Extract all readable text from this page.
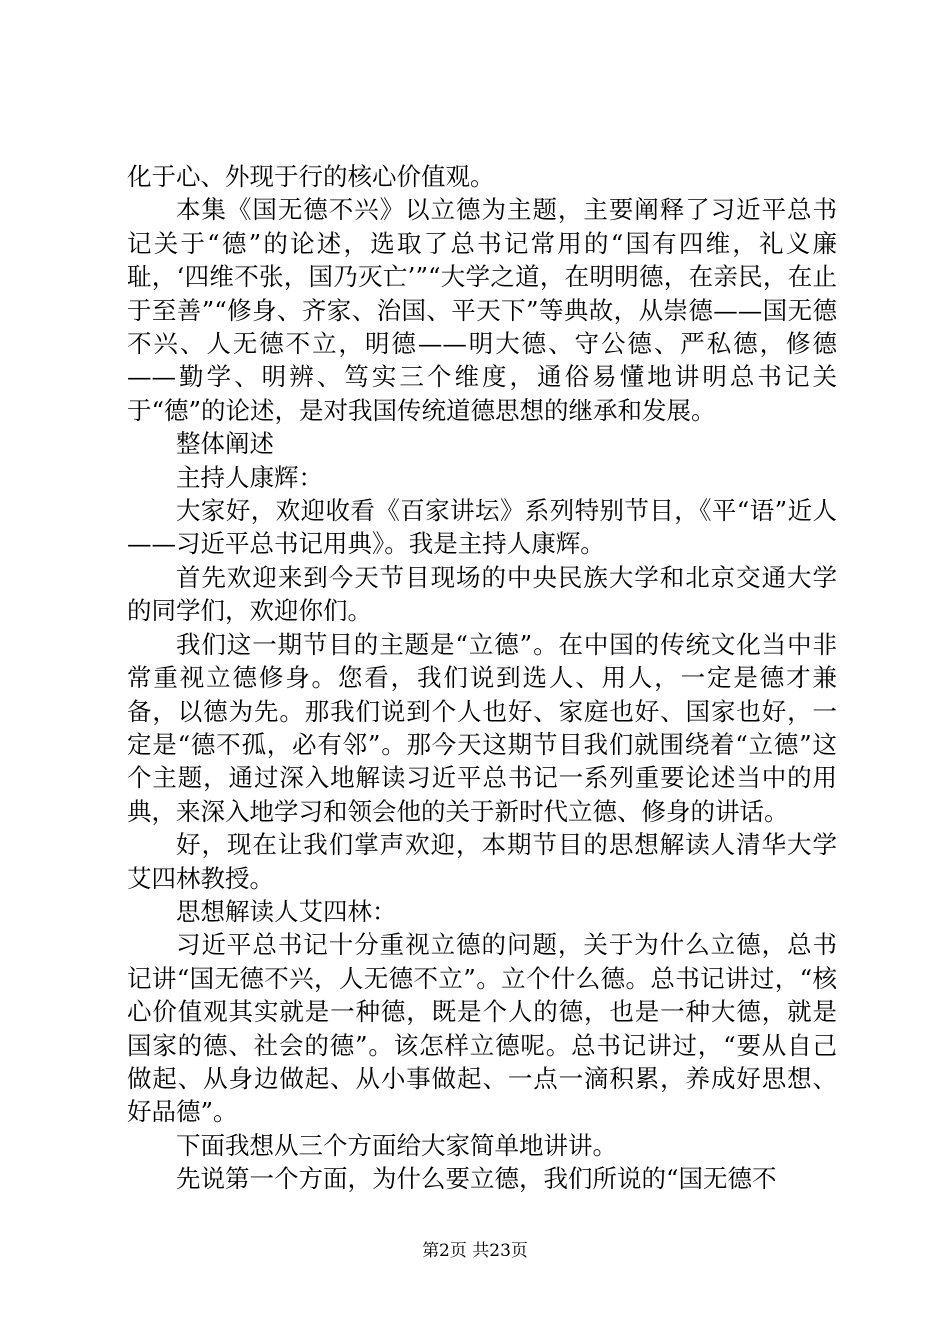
化于心、外现于行的核心价值观。

本集《国无德不兴》以立德为主题，主要阐释了习近平总书记关于“德”的论述，选取了总书记常用的“国有四维，礼义廉耻，‘四维不张，国乃灭亡’”“大学之道，在明明德，在亲民，在止于至善”“修身、齐家、治国、平天下”等典故，从崇德——国无德不兴、人无德不立，明德——明大德、守公德、严私德，修德——勤学、明辨、笃实三个维度，通俗易懂地讲明总书记关于“德”的论述，是对我国传统道德思想的继承和发展。

整体阐述

主持人康辉：

大家好，欢迎收看《百家讲坛》系列特别节目，《平“语”近人——习近平总书记用典》。我是主持人康辉。

首先欢迎来到今天节目现场的中央民族大学和北京交通大学的同学们，欢迎你们。

我们这一期节目的主题是“立德”。在中国的传统文化当中非常重视立德修身。您看，我们说到选人、用人，一定是德才兼备，以德为先。那我们说到个人也好、家庭也好、国家也好，一定是“德不孤，必有邻”。那今天这期节目我们就围绕着“立德”这个主题，通过深入地解读习近平总书记一系列重要论述当中的用典，来深入地学习和领会他的关于新时代立德、修身的讲话。

好，现在让我们掌声欢迎，本期节目的思想解读人清华大学艾四林教授。

思想解读人艾四林：

习近平总书记十分重视立德的问题，关于为什么立德，总书记讲“国无德不兴，人无德不立”。立个什么德。总书记讲过，“核心价值观其实就是一种德，既是个人的德，也是一种大德，就是国家的德、社会的德”。该怎样立德呢。总书记讲过，“要从自己做起、从身边做起、从小事做起、一点一滴积累，养成好思想、好品德”。

下面我想从三个方面给大家简单地讲讲。

先说第一个方面，为什么要立德，我们所说的“国无德不

第2页 共23页
